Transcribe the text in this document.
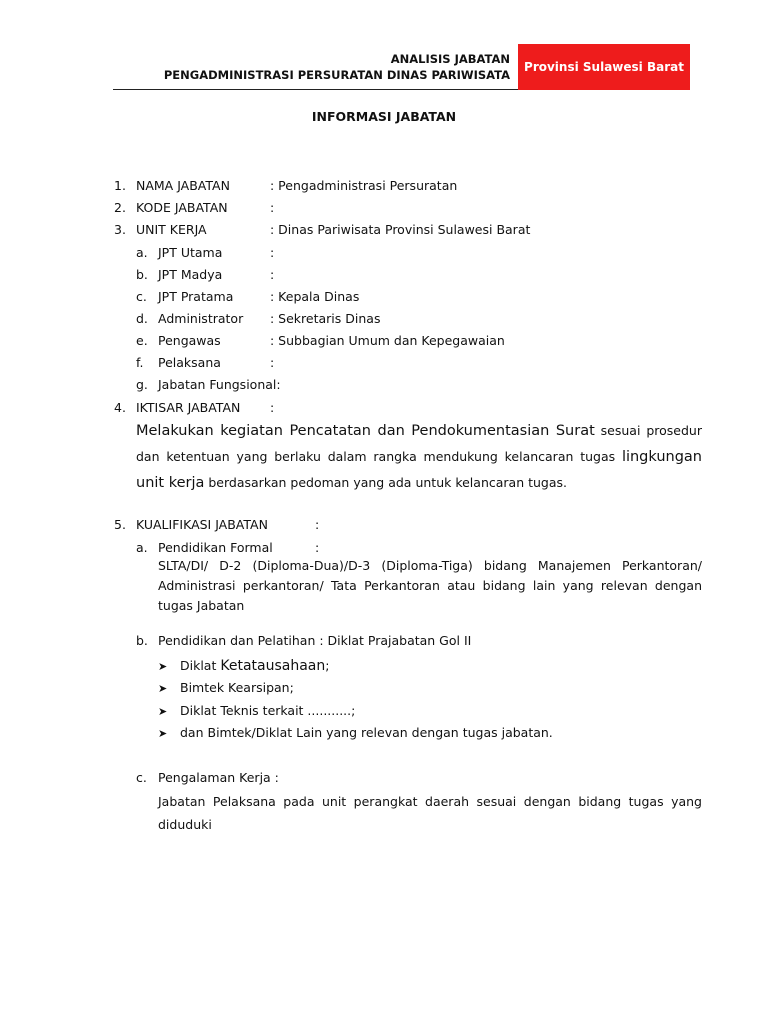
ANALISIS JABATAN
PENGADMINISTRASI PERSURATAN DINAS PARIWISATA
Provinsi Sulawesi Barat
INFORMASI JABATAN
1. NAMA JABATAN	: Pengadministrasi Persuratan
2. KODE JABATAN	:
3. UNIT KERJA	: Dinas Pariwisata Provinsi Sulawesi Barat
a. JPT Utama	:
b. JPT Madya	:
c. JPT Pratama	: Kepala Dinas
d. Administrator : Sekretaris Dinas
e. Pengawas	: Subbagian Umum dan Kepegawaian
f. Pelaksana	:
g. Jabatan Fungsional:
4. IKTISAR JABATAN :
Melakukan kegiatan Pencatatan dan Pendokumentasian Surat sesuai prosedur dan ketentuan yang berlaku dalam rangka mendukung kelancaran tugas lingkungan unit kerja berdasarkan pedoman yang ada untuk kelancaran tugas.
5. KUALIFIKASI JABATAN	:
a. Pendidikan Formal	:
SLTA/DI/ D-2 (Diploma-Dua)/D-3 (Diploma-Tiga) bidang Manajemen Perkantoran/ Administrasi perkantoran/ Tata Perkantoran atau bidang lain yang relevan dengan tugas Jabatan
b. Pendidikan dan Pelatihan : Diklat Prajabatan Gol II
➤ Diklat Ketatausahaan;
➤ Bimtek Kearsipan;
➤ Diklat Teknis terkait ...........;
➤ dan Bimtek/Diklat Lain yang relevan dengan tugas jabatan.
c. Pengalaman Kerja :
Jabatan Pelaksana pada unit perangkat daerah sesuai dengan bidang tugas yang diduduki
